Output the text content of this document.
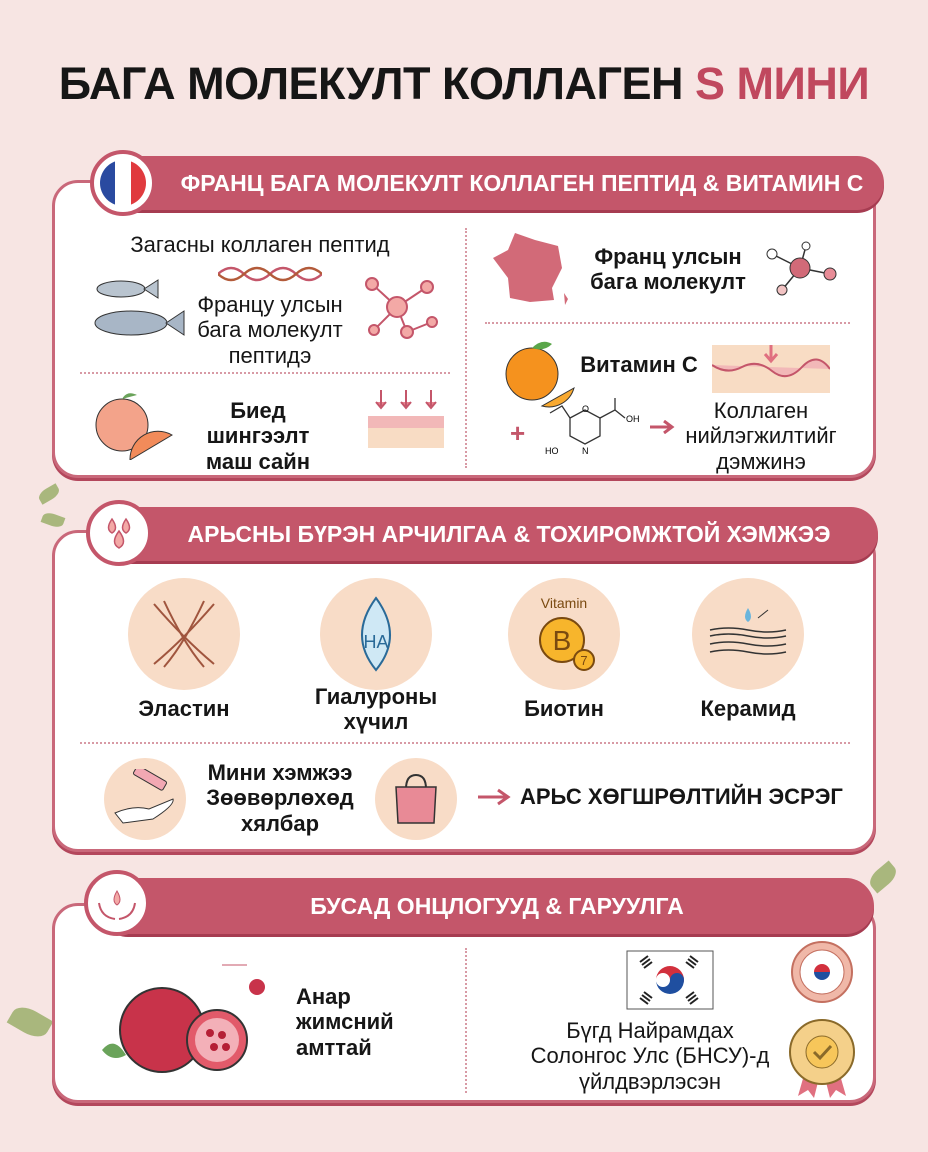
БАГА МОЛЕКУЛТ КОЛЛАГЕН S МИНИ
ФРАНЦ БАГА МОЛЕКУЛТ КОЛЛАГЕН ПЕПТИД & ВИТАМИН С
Загасны коллаген пептид
Францу улсын
бага молекулт
пептидэ
Биед шингээлт
маш сайн
Франц улсын
бага молекулт
Витамин С
+
O
OH
HO	N
Коллаген
нийлэгжилтийг
дэмжинэ
АРЬСНЫ БҮРЭН АРЧИЛГАА & ТОХИРОМЖТОЙ ХЭМЖЭЭ
Эластин
HA
Гиалуроны
хүчил
Vitamin
B
7
Биотин	Керамид
Мини хэмжээ
Зөөвөрлөхөд
хялбар
АРЬС ХӨГШРӨЛТИЙН ЭСРЭГ
БУСАД ОНЦЛОГУУД & ГАРУУЛГА
Анар
жимсний
амттай
Бүгд Найрамдах
Солонгос Улс (БНСУ)-д
үйлдвэрлэсэн
